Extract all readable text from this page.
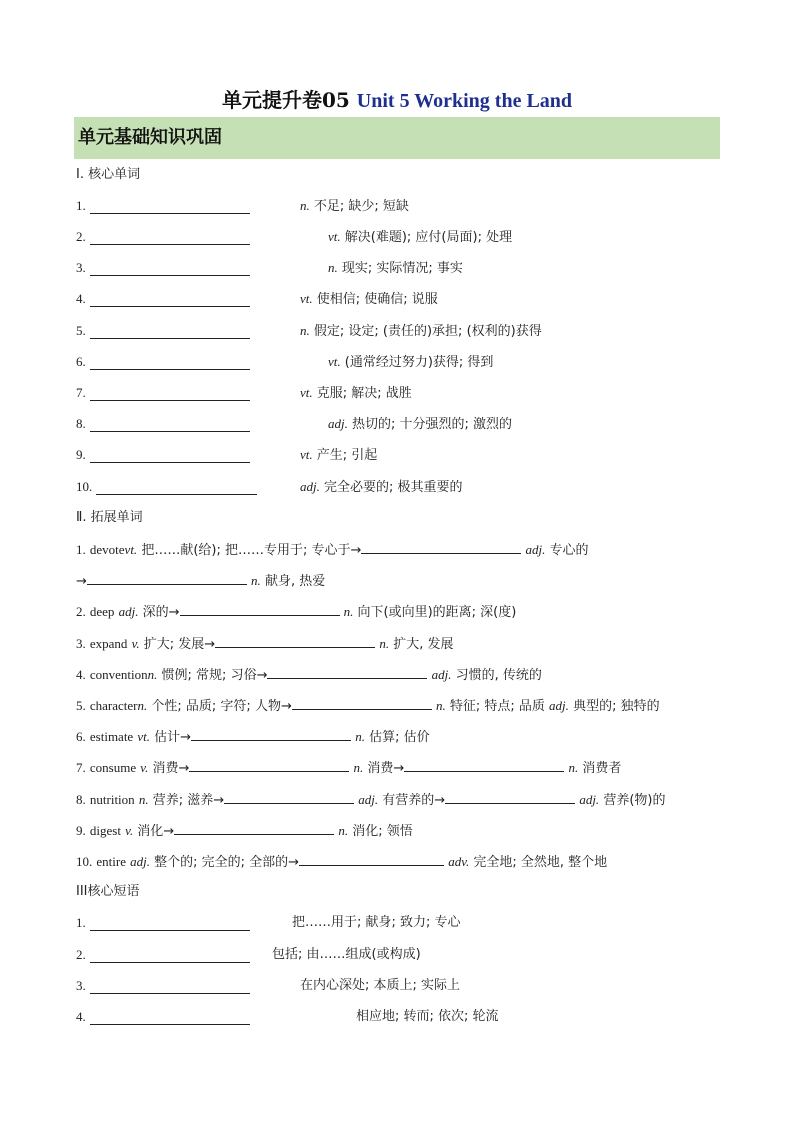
单元提升卷05 Unit 5 Working the Land
单元基础知识巩固
Ⅰ. 核心单词
1.	n. 不足; 缺少; 短缺
2.	vt. 解决(难题); 应付(局面); 处理
3.	n. 现实; 实际情况; 事实
4.	vt. 使相信; 使确信; 说服
5.	n. 假定; 设定; (责任的)承担; (权利的)获得
6.	vt. (通常经过努力)获得; 得到
7.	vt. 克服; 解决; 战胜
8.	adj. 热切的; 十分强烈的; 激烈的
9.	vt. 产生; 引起
10.	adj. 完全必要的; 极其重要的
Ⅱ. 拓展单词
1. devotevt. 把……献(给); 把……专用于; 专心于→	adj. 专心的
→	n. 献身, 热爱
2. deep adj. 深的→	n. 向下(或向里)的距离; 深(度)
3. expand v. 扩大; 发展→	n. 扩大, 发展
4. conventionn. 惯例; 常规; 习俗→	adj. 习惯的, 传统的
5. charactern. 个性; 品质; 字符; 人物→	n. 特征; 特点; 品质 adj. 典型的; 独特的
6. estimate vt. 估计→	n. 估算; 估价
7. consume v. 消费→	n. 消费→	n. 消费者
8. nutrition n. 营养; 滋养→	adj. 有营养的→	adj. 营养(物)的
9. digest v. 消化→	n. 消化; 领悟
10. entire adj. 整个的; 完全的; 全部的→	adv. 完全地; 全然地, 整个地
III核心短语
1.	把……用于; 献身; 致力; 专心
2.	包括; 由……组成(或构成)
3.	在内心深处; 本质上; 实际上
4.	相应地; 转而; 依次; 轮流
